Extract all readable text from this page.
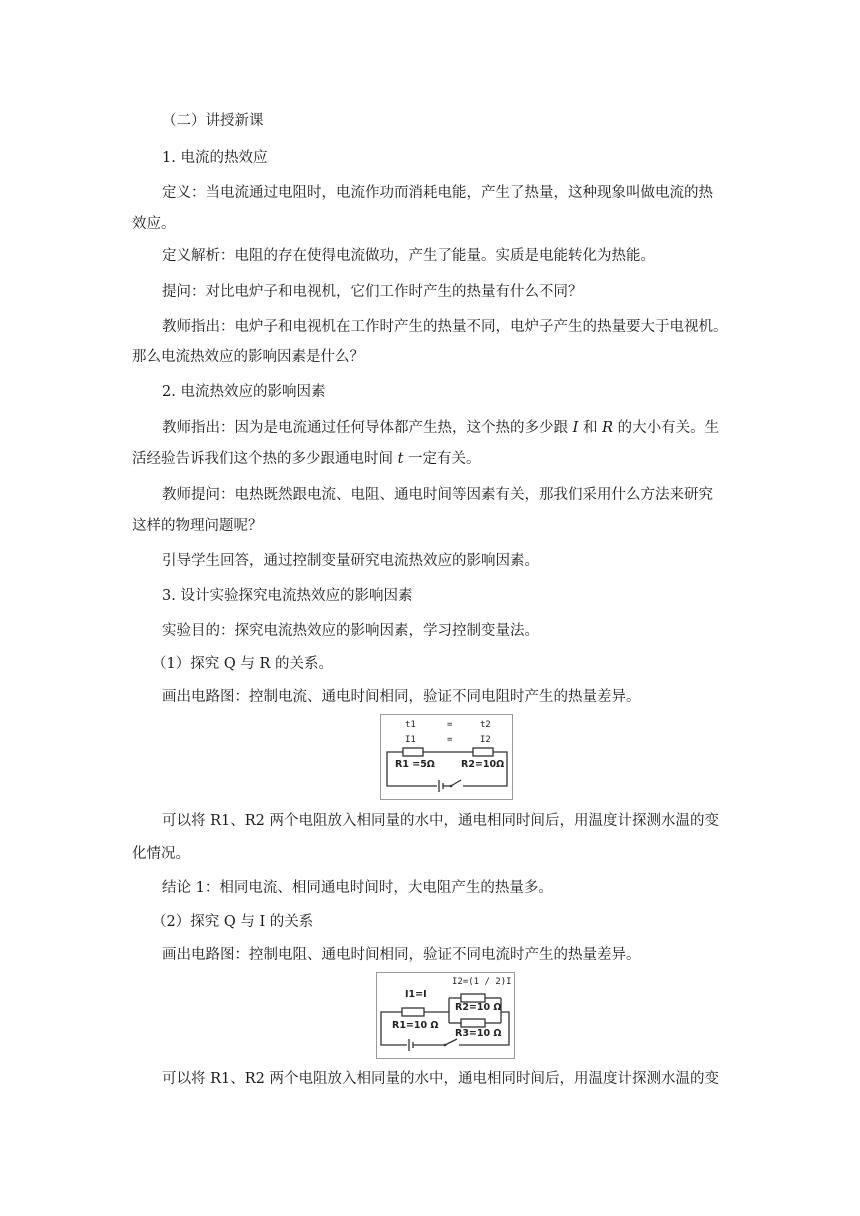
（二）讲授新课
1. 电流的热效应
定义：当电流通过电阻时，电流作功而消耗电能，产生了热量，这种现象叫做电流的热
效应。
定义解析：电阻的存在使得电流做功，产生了能量。实质是电能转化为热能。
提问：对比电炉子和电视机，它们工作时产生的热量有什么不同？
教师指出：电炉子和电视机在工作时产生的热量不同，电炉子产生的热量要大于电视机。
那么电流热效应的影响因素是什么？
2. 电流热效应的影响因素
教师指出：因为是电流通过任何导体都产生热，这个热的多少跟 I 和 R 的大小有关。生
活经验告诉我们这个热的多少跟通电时间 t 一定有关。
教师提问：电热既然跟电流、电阻、通电时间等因素有关，那我们采用什么方法来研究
这样的物理问题呢？
引导学生回答，通过控制变量研究电流热效应的影响因素。
3. 设计实验探究电流热效应的影响因素
实验目的：探究电流热效应的影响因素，学习控制变量法。
（1）探究 Q 与 R 的关系。
画出电路图：控制电流、通电时间相同，验证不同电阻时产生的热量差异。
t1	=	t2
I1	=	I2
R1 =5Ω	R2=10Ω
可以将 R1、R2 两个电阻放入相同量的水中，通电相同时间后，用温度计探测水温的变
化情况。
结论 1：相同电流、相同通电时间时，大电阻产生的热量多。
（2）探究 Q 与 I 的关系
画出电路图：控制电阻、通电时间相同，验证不同电流时产生的热量差异。
I2=(1 / 2)I
I1=I
R1=10 Ω
R2=10 Ω
R3=10 Ω
可以将 R1、R2 两个电阻放入相同量的水中，通电相同时间后，用温度计探测水温的变
